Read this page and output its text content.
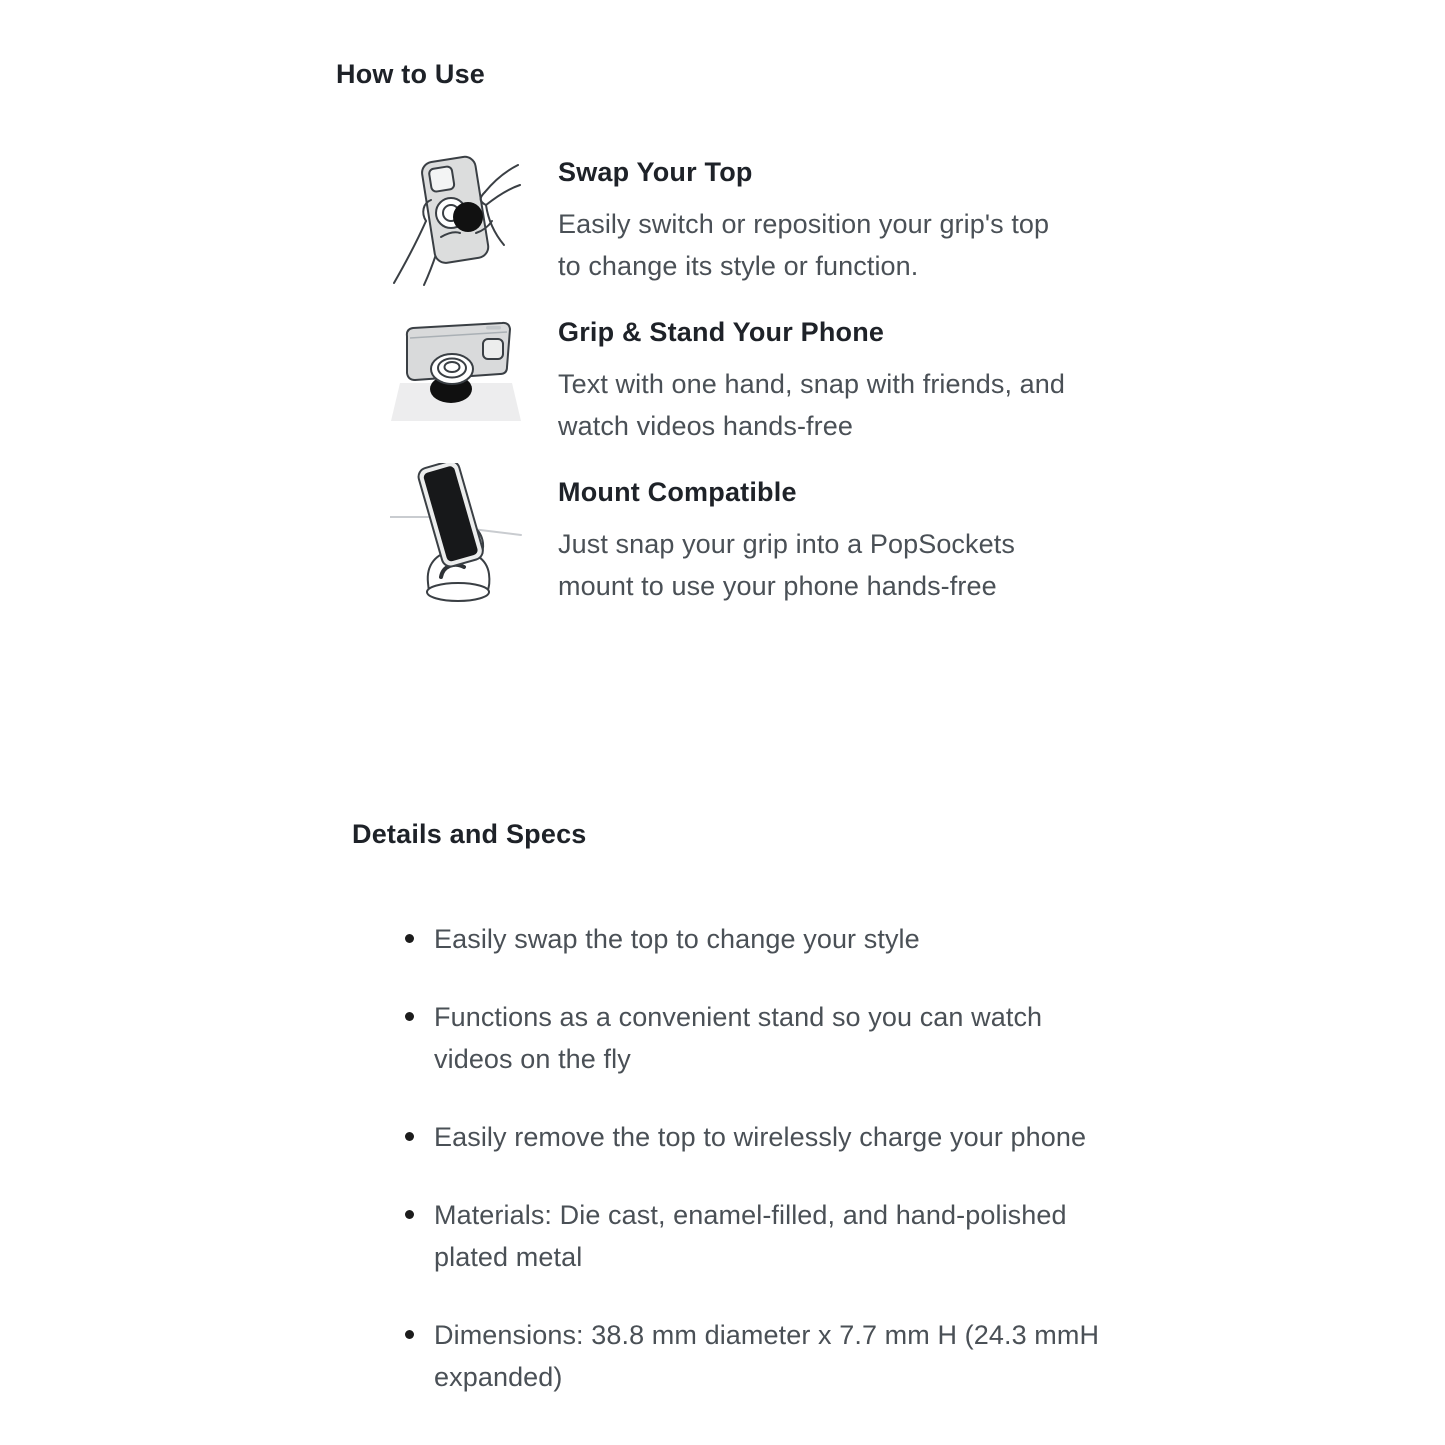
How to Use
Swap Your Top

Easily switch or reposition your grip's top
to change its style or function.

Grip & Stand Your Phone

Text with one hand, snap with friends, and
watch videos hands-free

Mount Compatible

Just snap your grip into a PopSockets
mount to use your phone hands-free

Details and Specs
Easily swap the top to change your style
Functions as a convenient stand so you can watch
videos on the fly
Easily remove the top to wirelessly charge your phone
Materials: Die cast, enamel-filled, and hand-polished
plated metal
Dimensions: 38.8 mm diameter x 7.7 mm H (24.3 mmH
expanded)
